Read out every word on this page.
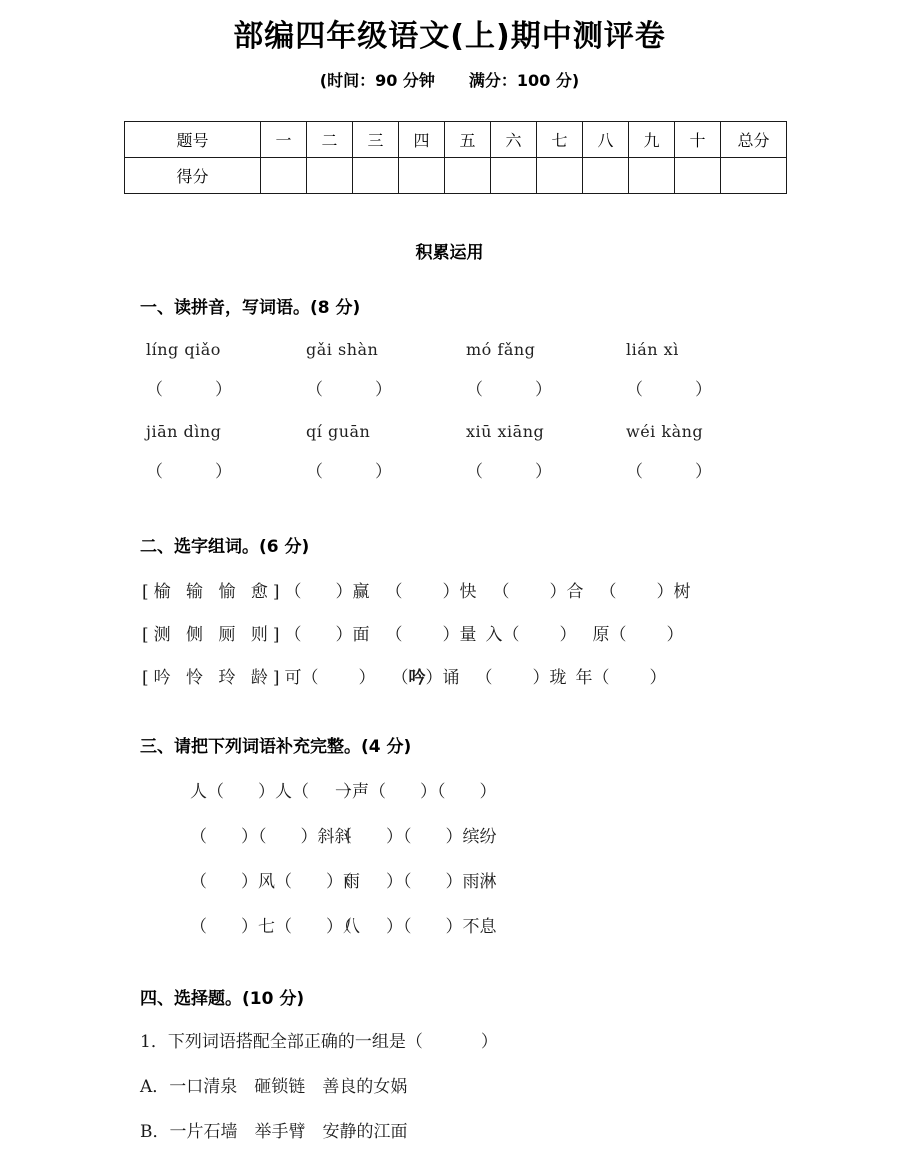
部编四年级语文(上)期中测评卷

(时间：90 分钟 满分：100 分)

题号	一	二	三	四	五	六	七	八	九	十	总分
得分											
积累运用
一、读拼音，写词语。(8 分)
líng qiǎo	gǎi shàn	mó fǎng	lián xì
（	）	（	）	（	）	（	）
jiān dìng	qí guān	xiū xiāng	wéi kàng
（	）	（	）	（	）	（	）
二、选字组词。(6 分)
[榆 输 愉 愈]（ ）赢 （ ）快 （ ）合 （ ）树
[测 侧 厕 则]（ ）面 （ ）量 入（ ） 原（ ）
[吟 怜 玲 龄]可（ ） （吟）诵 （ ）珑 年（ ）
三、请把下列词语补充完整。(4 分)
人（　　）人（　　）
一声（　　）（　　）
（　　）（　　）斜斜
（　　）（　　）缤纷
（　　）风（　　）雨
（　　）（　　）雨淋
（　　）七（　　）八
（　　）（　　）不息
四、选择题。(10 分)
1．下列词语搭配全部正确的一组是（	）
A．一口清泉　砸锁链　善良的女娲
B．一片石墙　举手臂　安静的江面
